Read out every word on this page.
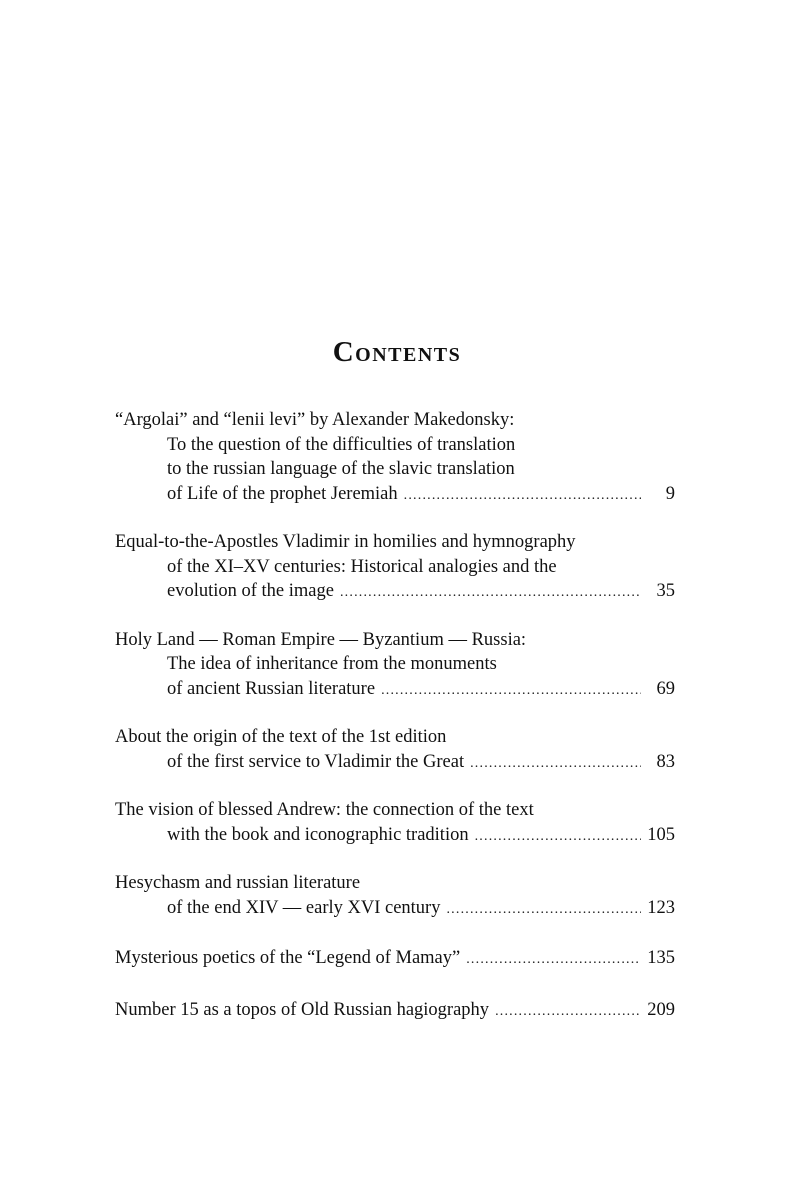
Contents
“Argolai” and “lenii levi” by Alexander Makedonsky:
To the question of the difficulties of translation
to the russian language of the slavic translation
of Life of the prophet Jeremiah .....	9
Equal-to-the-Apostles Vladimir in homilies and hymnography
of the XI–XV centuries: Historical analogies and the
evolution of the image .....	35
Holy Land — Roman Empire — Byzantium — Russia:
The idea of inheritance from the monuments
of ancient Russian literature .....	69
About the origin of the text of the 1st edition
of the first service to Vladimir the Great .....	83
The vision of blessed Andrew: the connection of the text
with the book and iconographic tradition .....	105
Hesychasm and russian literature
of the end XIV — early XVI century .....	123
Mysterious poetics of the “Legend of Mamay” .....	135
Number 15 as a topos of Old Russian hagiography .....	209
